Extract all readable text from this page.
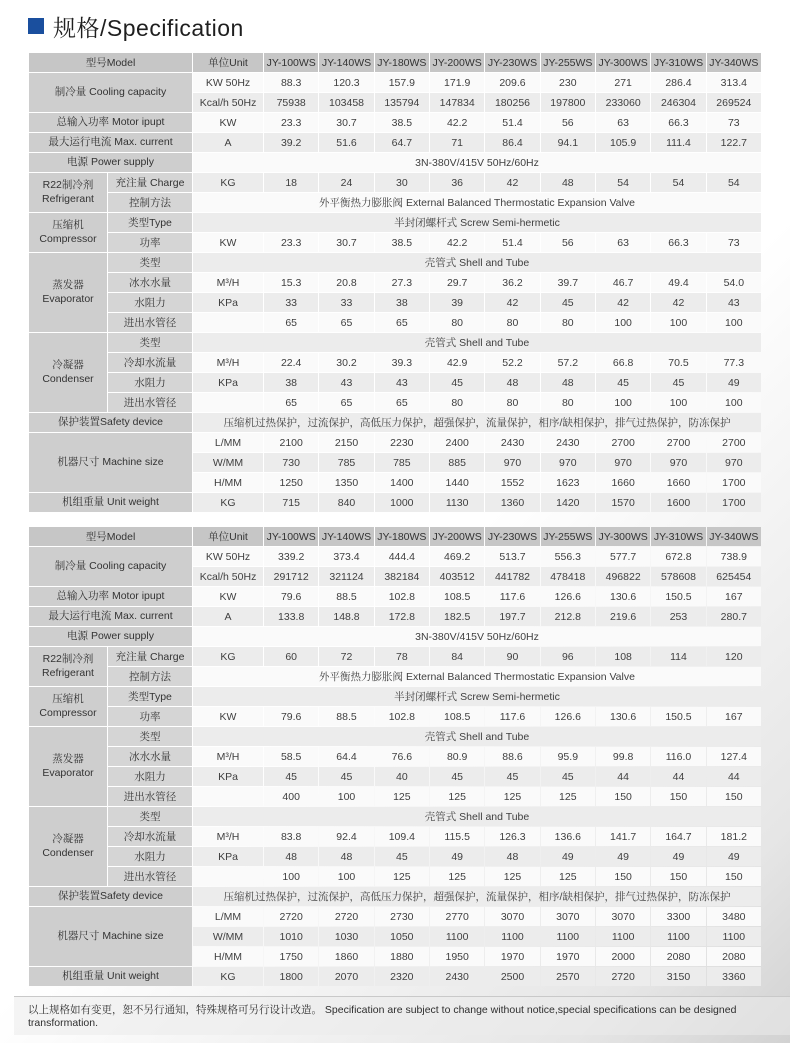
规格/Specification
型号Model		单位Unit	JY-100WS	JY-140WS	JY-180WS	JY-200WS	JY-230WS	JY-255WS	JY-300WS	JY-310WS	JY-340WS
制冷量 Cooling capacity		KW 50Hz	88.3	120.3	157.9	171.9	209.6	230	271	286.4	313.4
		Kcal/h 50Hz	75938	103458	135794	147834	180256	197800	233060	246304	269524
总输入功率 Motor ipupt		KW	23.3	30.7	38.5	42.2	51.4	56	63	66.3	73
最大运行电流 Max. current		A	39.2	51.6	64.7	71	86.4	94.1	105.9	111.4	122.7
电源 Power supply		3N-380V/415V 50Hz/60Hz									
R22制冷剂 Refrigerant	充注量 Charge	KG	18	24	30	36	42	48	54	54	54
	控制方法	外平衡热力膨胀阀 External Balanced Thermostatic Expansion Valve									
压缩机 Compressor	类型Type	半封闭螺杆式 Screw Semi-hermetic									
	功率	KW	23.3	30.7	38.5	42.2	51.4	56	63	66.3	73
蒸发器 Evaporator	类型	壳管式 Shell and Tube									
	冰水水量	M³/H	15.3	20.8	27.3	29.7	36.2	39.7	46.7	49.4	54.0
	水阻力	KPa	33	33	38	39	42	45	42	42	43
	进出水管径		65	65	65	80	80	80	100	100	100
冷凝器 Condenser	类型	壳管式 Shell and Tube									
	冷却水流量	M³/H	22.4	30.2	39.3	42.9	52.2	57.2	66.8	70.5	77.3
	水阻力	KPa	38	43	43	45	48	48	45	45	49
	进出水管径		65	65	65	80	80	80	100	100	100
保护装置Safety device		压缩机过热保护，过流保护，高低压力保护，超强保护，流量保护，相序/缺相保护，排气过热保护，防冻保护									
机器尺寸 Machine size		L/MM	2100	2150	2230	2400	2430	2430	2700	2700	2700
		W/MM	730	785	785	885	970	970	970	970	970
		H/MM	1250	1350	1400	1440	1552	1623	1660	1660	1700
机组重量 Unit weight		KG	715	840	1000	1130	1360	1420	1570	1600	1700
型号Model		单位Unit	JY-100WS	JY-140WS	JY-180WS	JY-200WS	JY-230WS	JY-255WS	JY-300WS	JY-310WS	JY-340WS
制冷量 Cooling capacity		KW 50Hz	339.2	373.4	444.4	469.2	513.7	556.3	577.7	672.8	738.9
		Kcal/h 50Hz	291712	321124	382184	403512	441782	478418	496822	578608	625454
总输入功率 Motor ipupt		KW	79.6	88.5	102.8	108.5	117.6	126.6	130.6	150.5	167
最大运行电流 Max. current		A	133.8	148.8	172.8	182.5	197.7	212.8	219.6	253	280.7
电源 Power supply		3N-380V/415V 50Hz/60Hz									
R22制冷剂 Refrigerant	充注量 Charge	KG	60	72	78	84	90	96	108	114	120
	控制方法	外平衡热力膨胀阀 External Balanced Thermostatic Expansion Valve									
压缩机 Compressor	类型Type	半封闭螺杆式 Screw Semi-hermetic									
	功率	KW	79.6	88.5	102.8	108.5	117.6	126.6	130.6	150.5	167
蒸发器 Evaporator	类型	壳管式 Shell and Tube									
	冰水水量	M³/H	58.5	64.4	76.6	80.9	88.6	95.9	99.8	116.0	127.4
	水阻力	KPa	45	45	40	45	45	45	44	44	44
	进出水管径		400	100	125	125	125	125	150	150	150
冷凝器 Condenser	类型	壳管式 Shell and Tube									
	冷却水流量	M³/H	83.8	92.4	109.4	115.5	126.3	136.6	141.7	164.7	181.2
	水阻力	KPa	48	48	45	49	48	49	49	49	49
	进出水管径		100	100	125	125	125	125	150	150	150
保护装置Safety device		压缩机过热保护，过流保护，高低压力保护，超强保护，流量保护，相序/缺相保护，排气过热保护，防冻保护									
机器尺寸 Machine size		L/MM	2720	2720	2730	2770	3070	3070	3070	3300	3480
		W/MM	1010	1030	1050	1100	1100	1100	1100	1100	1100
		H/MM	1750	1860	1880	1950	1970	1970	2000	2080	2080
机组重量 Unit weight		KG	1800	2070	2320	2430	2500	2570	2720	3150	3360
以上规格如有变更，恕不另行通知，特殊规格可另行设计改造。 Specification are subject to change without notice,special specifications can be designed transformation.
